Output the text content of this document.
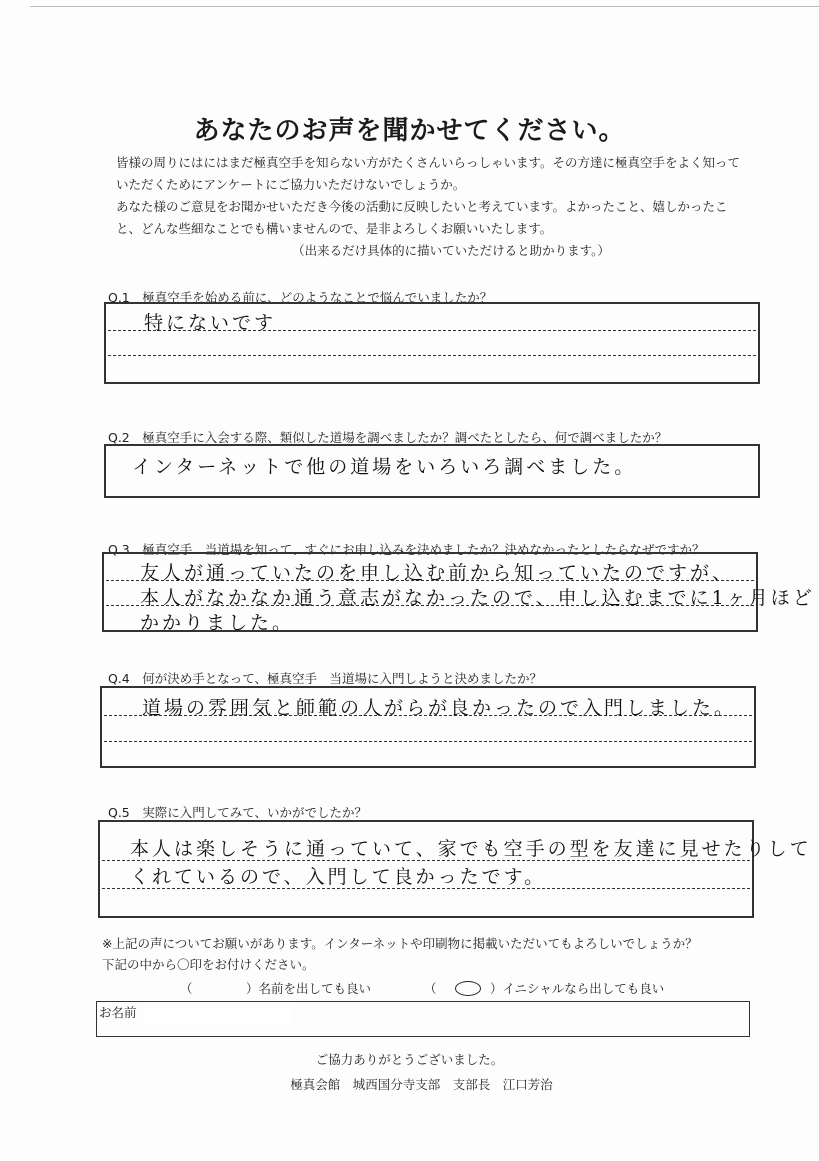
あなたのお声を聞かせてください。
皆様の周りにはにはまだ極真空手を知らない方がたくさんいらっしゃいます。その方達に極真空手をよく知って
いただくためにアンケートにご協力いただけないでしょうか。
あなた様のご意見をお聞かせいただき今後の活動に反映したいと考えています。よかったこと、嬉しかったこ
と、どんな些細なことでも構いませんので、是非よろしくお願いいたします。
（出来るだけ具体的に描いていただけると助かります。）
Q.1　極真空手を始める前に、どのようなことで悩んでいましたか？
特にないです
Q.2　極真空手に入会する際、類似した道場を調べましたか？調べたとしたら、何で調べましたか？
インターネットで他の道場をいろいろ調べました。
Q.3　極真空手　当道場を知って、すぐにお申し込みを決めましたか？決めなかったとしたらなぜですか？
友人が通っていたのを申し込む前から知っていたのですが、
本人がなかなか通う意志がなかったので、申し込むまでに1ヶ月ほど
かかりました。
Q.4　何が決め手となって、極真空手　当道場に入門しようと決めましたか？
道場の雰囲気と師範の人がらが良かったので入門しました。
Q.5　実際に入門してみて、いかがでしたか？
本人は楽しそうに通っていて、家でも空手の型を友達に見せたりして
くれているので、入門して良かったです。
※上記の声についてお願いがあります。インターネットや印刷物に掲載いただいてもよろしいでしょうか？
下記の中から〇印をお付けください。
（	）名前を出しても良い	（ ○ ）イニシャルなら出しても良い
お名前
ご協力ありがとうございました。
極真会館　城西国分寺支部　支部長　江口芳治
